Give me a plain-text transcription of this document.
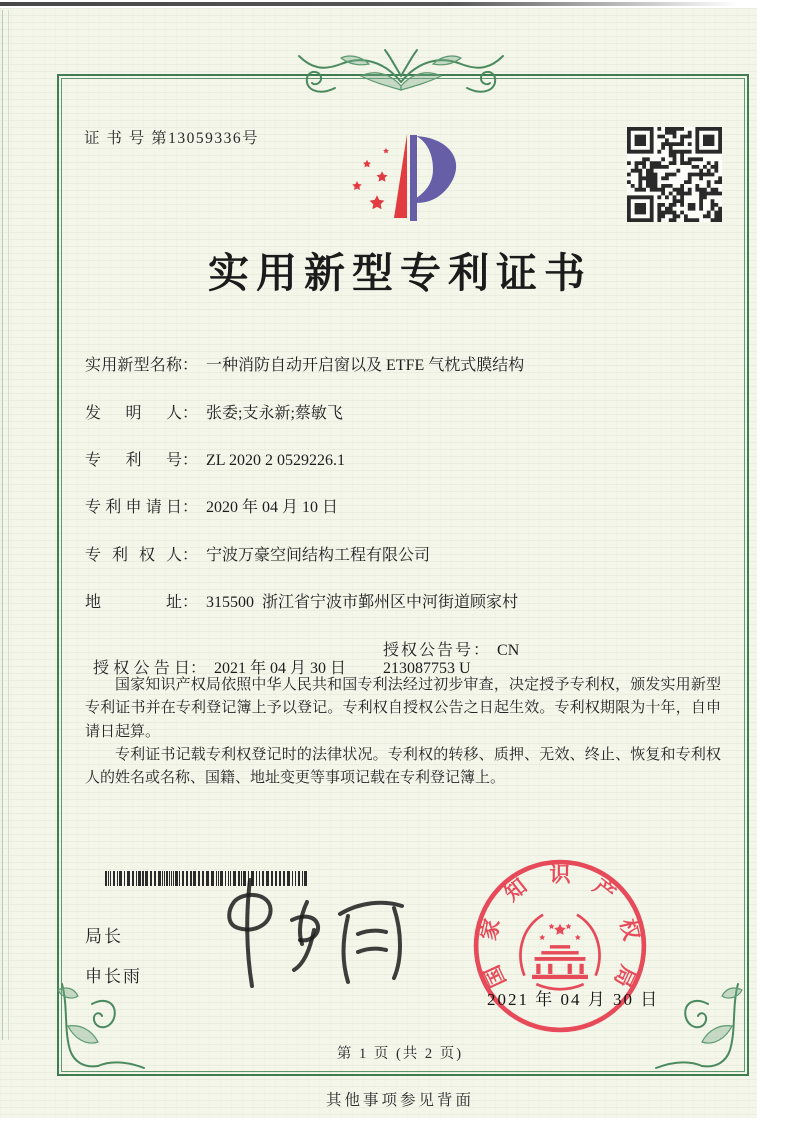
证 书 号 第13059336号
实用新型专利证书
实用新型名称： 一种消防自动开启窗以及 ETFE 气枕式膜结构
发明人： 张委;支永新;蔡敏飞
专利号： ZL 2020 2 0529226.1
专利申请日： 2020 年 04 月 10 日
专利权人： 宁波万豪空间结构工程有限公司
地址： 315500  浙江省宁波市鄞州区中河街道顾家村

授权公告日： 2021 年 04 月 30 日

授权公告号： CN 213087753 U

国家知识产权局依照中华人民共和国专利法经过初步审查，决定授予专利权，颁发实用新型专利证书并在专利登记簿上予以登记。专利权自授权公告之日起生效。专利权期限为十年，自申请日起算。

专利证书记载专利权登记时的法律状况。专利权的转移、质押、无效、终止、恢复和专利权人的姓名或名称、国籍、地址变更等事项记载在专利登记簿上。

局长
申长雨	国
家
知 识 产
权
局
2021 年 04 月 30 日
第 1 页 (共 2 页)
其他事项参见背面
